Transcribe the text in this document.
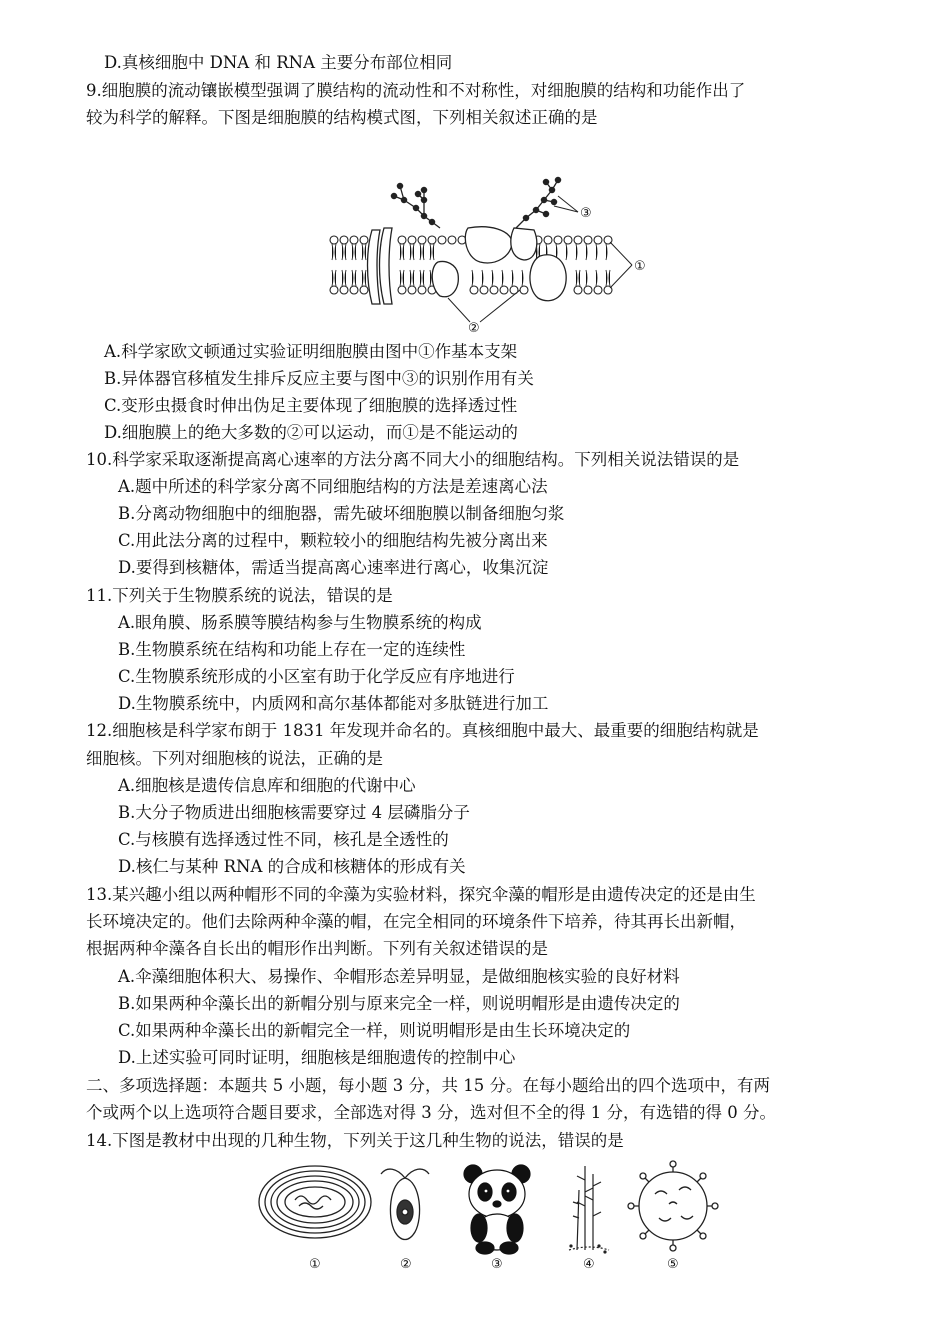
D.真核细胞中 DNA 和 RNA 主要分布部位相同
9.细胞膜的流动镶嵌模型强调了膜结构的流动性和不对称性，对细胞膜的结构和功能作出了
较为科学的解释。下图是细胞膜的结构模式图，下列相关叙述正确的是
③
①
②
A.科学家欧文顿通过实验证明细胞膜由图中①作基本支架
B.异体器官移植发生排斥反应主要与图中③的识别作用有关
C.变形虫摄食时伸出伪足主要体现了细胞膜的选择透过性
D.细胞膜上的绝大多数的②可以运动，而①是不能运动的
10.科学家采取逐渐提高离心速率的方法分离不同大小的细胞结构。下列相关说法错误的是
A.题中所述的科学家分离不同细胞结构的方法是差速离心法
B.分离动物细胞中的细胞器，需先破坏细胞膜以制备细胞匀浆
C.用此法分离的过程中，颗粒较小的细胞结构先被分离出来
D.要得到核糖体，需适当提高离心速率进行离心，收集沉淀
11.下列关于生物膜系统的说法，错误的是
A.眼角膜、肠系膜等膜结构参与生物膜系统的构成
B.生物膜系统在结构和功能上存在一定的连续性
C.生物膜系统形成的小区室有助于化学反应有序地进行
D.生物膜系统中，内质网和高尔基体都能对多肽链进行加工
12.细胞核是科学家布朗于 1831 年发现并命名的。真核细胞中最大、最重要的细胞结构就是
细胞核。下列对细胞核的说法，正确的是
A.细胞核是遗传信息库和细胞的代谢中心
B.大分子物质进出细胞核需要穿过 4 层磷脂分子
C.与核膜有选择透过性不同，核孔是全透性的
D.核仁与某种 RNA 的合成和核糖体的形成有关
13.某兴趣小组以两种帽形不同的伞藻为实验材料，探究伞藻的帽形是由遗传决定的还是由生
长环境决定的。他们去除两种伞藻的帽，在完全相同的环境条件下培养，待其再长出新帽，
根据两种伞藻各自长出的帽形作出判断。下列有关叙述错误的是
A.伞藻细胞体积大、易操作、伞帽形态差异明显，是做细胞核实验的良好材料
B.如果两种伞藻长出的新帽分别与原来完全一样，则说明帽形是由遗传决定的
C.如果两种伞藻长出的新帽完全一样，则说明帽形是由生长环境决定的
D.上述实验可同时证明，细胞核是细胞遗传的控制中心
二、多项选择题：本题共 5 小题，每小题 3 分，共 15 分。在每小题给出的四个选项中，有两
个或两个以上选项符合题目要求，全部选对得 3 分，选对但不全的得 1 分，有选错的得 0 分。
14.下图是教材中出现的几种生物，下列关于这几种生物的说法，错误的是
①	②	③	④	⑤
